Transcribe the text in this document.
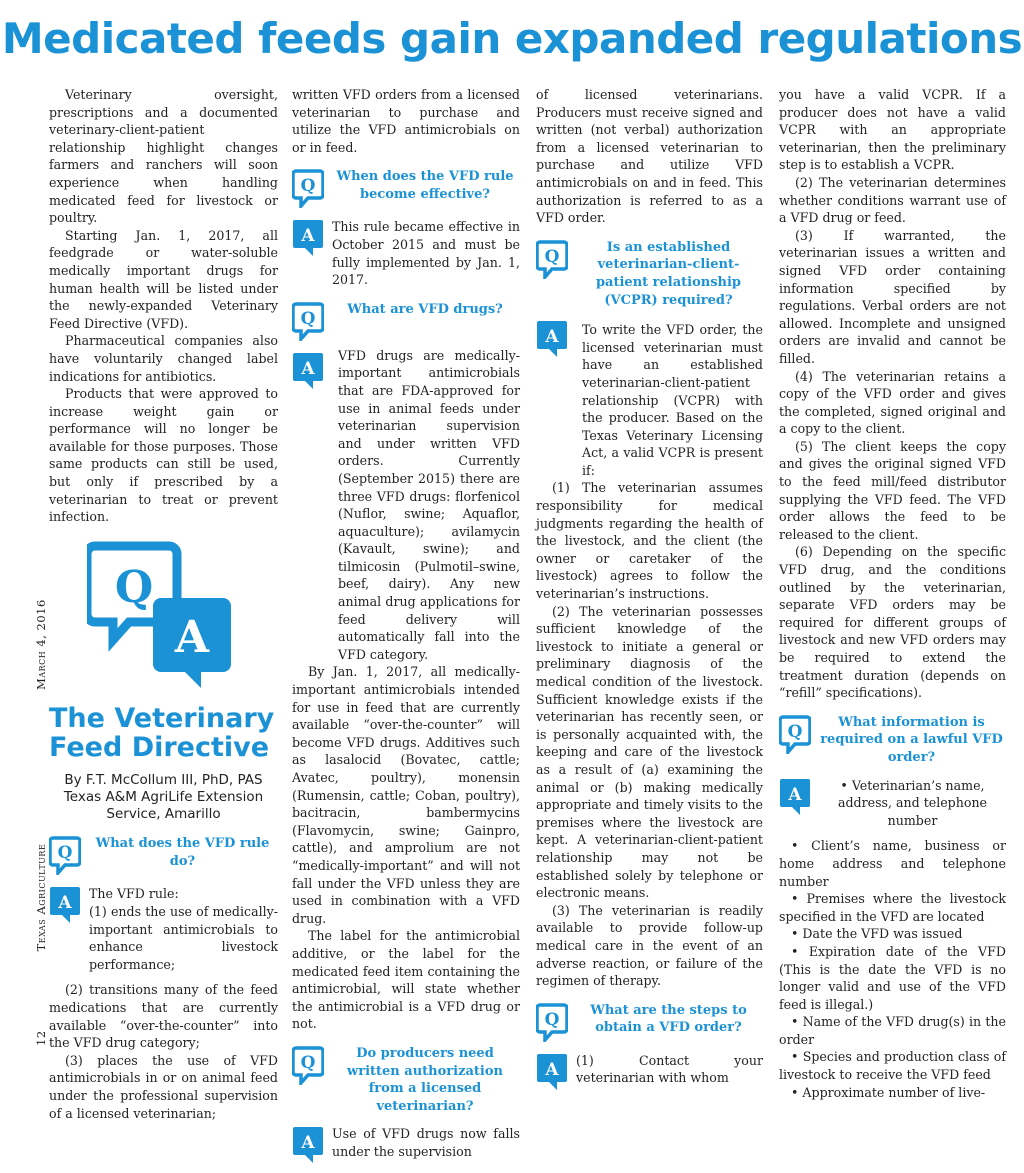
Medicated feeds gain expanded regulations
12                   Texas Agriculture                                     March 4, 2016

Veterinary oversight, prescriptions and a documented veterinary-client-patient relationship highlight changes farmers and ranchers will soon experience when handling medicated feed for livestock or poultry.

Starting Jan. 1, 2017, all feedgrade or water-soluble medically important drugs for human health will be listed under the newly-expanded Veterinary Feed Directive (VFD).

Pharmaceutical companies also have voluntarily changed label indications for antibiotics.

Products that were approved to increase weight gain or performance will no longer be available for those purposes. Those same products can still be used, but only if prescribed by a veterinarian to treat or prevent infection.

Q
A
The Veterinary
Feed Directive
By F.T. McCollum III, PhD, PAS
Texas A&M AgriLife Extension Service, Amarillo
Q	What does the VFD rule do?
A The VFD rule:

(1) ends the use of medically-important antimicrobials to enhance livestock performance;

(2) transitions many of the feed medications that are currently available “over-the-counter” into the VFD drug category;

(3) places the use of VFD antimicrobials in or on animal feed under the professional supervision of a licensed veterinarian;

written VFD orders from a licensed veterinarian to purchase and utilize the VFD antimicrobials on or in feed.

Q	When does the VFD rule become effective?
A This rule became effective in October 2015 and must be fully implemented by Jan. 1, 2017.

Q	What are VFD drugs?
A

VFD drugs are medically-important antimicrobials that are FDA-approved for use in animal feeds under veterinarian supervision and under written VFD orders. Currently (September 2015) there are three VFD drugs: florfenicol (Nuflor, swine; Aquaflor, aquaculture); avilamycin (Kavault, swine); and tilmicosin (Pulmotil–swine, beef, dairy). Any new animal drug applications for feed delivery will automatically fall into the VFD category.

By Jan. 1, 2017, all medically-important antimicrobials intended for use in feed that are currently available “over-the-counter” will become VFD drugs. Additives such as lasalocid (Bovatec, cattle; Avatec, poultry), monensin (Rumensin, cattle; Coban, poultry), bacitracin, bambermycins (Flavomycin, swine; Gainpro, cattle), and amprolium are not “medically-important” and will not fall under the VFD unless they are used in combination with a VFD drug.

The label for the antimicrobial additive, or the label for the medicated feed item containing the antimicrobial, will state whether the antimicrobial is a VFD drug or not.

Q	Do producers need written authorization from a licensed veterinarian?
A Use of VFD drugs now falls under the supervision

of licensed veterinarians. Producers must receive signed and written (not verbal) authorization from a licensed veterinarian to purchase and utilize VFD antimicrobials on and in feed. This authorization is referred to as a VFD order.

Q	Is an established veterinarian-client-patient relationship (VCPR) required?
A	To write the VFD order, the licensed veterinarian must have an established veterinarian-client-patient relationship (VCPR) with the producer. Based on the Texas Veterinary Licensing Act, a valid VCPR is present if:

(1) The veterinarian assumes responsibility for medical judgments regarding the health of the livestock, and the client (the owner or caretaker of the livestock) agrees to follow the veterinarian’s instructions.

(2) The veterinarian possesses sufficient knowledge of the livestock to initiate a general or preliminary diagnosis of the medical condition of the livestock. Sufficient knowledge exists if the veterinarian has recently seen, or is personally acquainted with, the keeping and care of the livestock as a result of (a) examining the animal or (b) making medically appropriate and timely visits to the premises where the livestock are kept. A veterinarian-client-patient relationship may not be established solely by telephone or electronic means.

(3) The veterinarian is readily available to provide follow-up medical care in the event of an adverse reaction, or failure of the regimen of therapy.

Q	What are the steps to obtain a VFD order?
A (1) Contact your veterinarian with whom

you have a valid VCPR. If a producer does not have a valid VCPR with an appropriate veterinarian, then the preliminary step is to establish a VCPR.

(2) The veterinarian determines whether conditions warrant use of a VFD drug or feed.

(3) If warranted, the veterinarian issues a written and signed VFD order containing information specified by regulations. Verbal orders are not allowed. Incomplete and unsigned orders are invalid and cannot be filled.

(4) The veterinarian retains a copy of the VFD order and gives the completed, signed original and a copy to the client.

(5) The client keeps the copy and gives the original signed VFD to the feed mill/feed distributor supplying the VFD feed. The VFD order allows the feed to be released to the client.

(6) Depending on the specific VFD drug, and the conditions outlined by the veterinarian, separate VFD orders may be required for different groups of livestock and new VFD orders may be required to extend the treatment duration (depends on “refill” specifications).

Q	What information is required on a lawful VFD order?
A	• Veterinarian’s name, address, and telephone number

• Client’s name, business or home address and telephone number

• Premises where the livestock specified in the VFD are located

• Date the VFD was issued

• Expiration date of the VFD (This is the date the VFD is no longer valid and use of the VFD feed is illegal.)

• Name of the VFD drug(s) in the order

• Species and production class of livestock to receive the VFD feed

• Approximate number of live-
